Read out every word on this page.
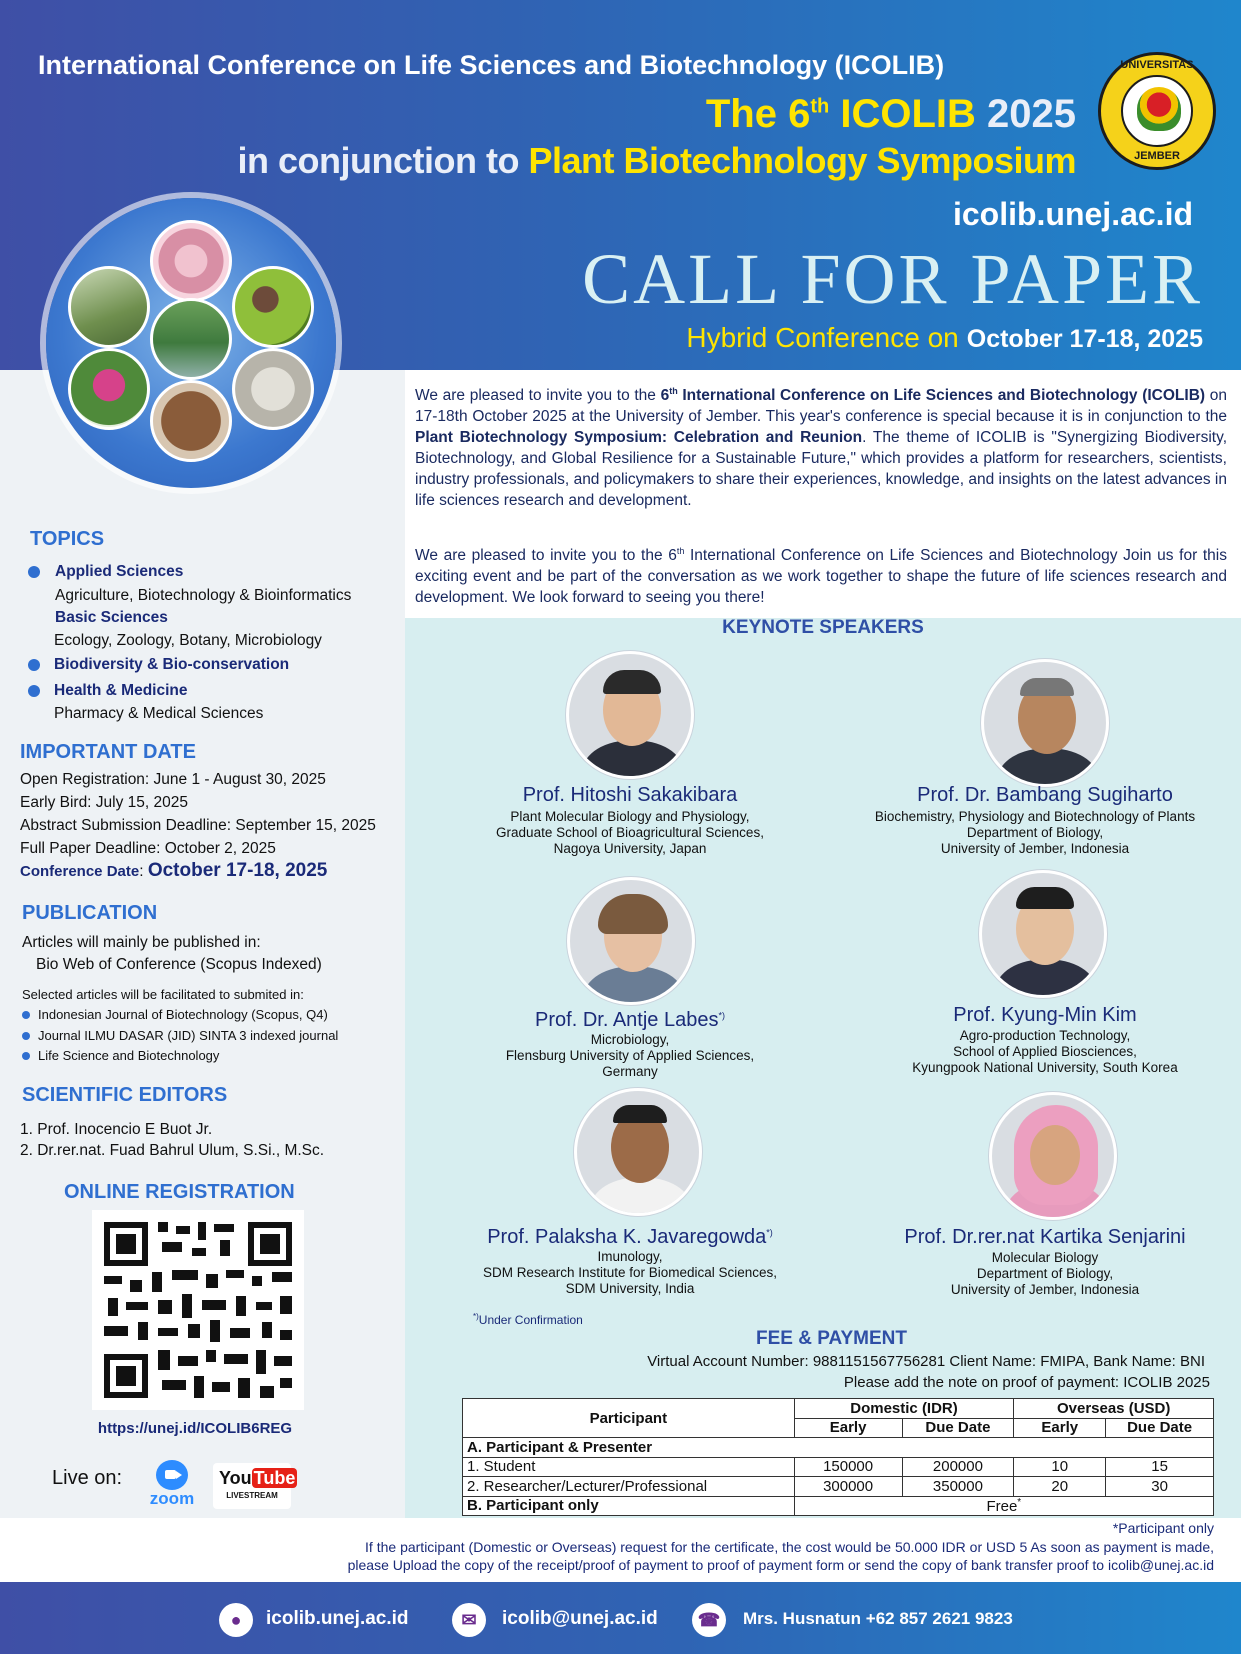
International Conference on Life Sciences and Biotechnology (ICOLIB)
The 6th ICOLIB 2025
in conjunction to Plant Biotechnology Symposium
icolib.unej.ac.id
CALL FOR PAPER
Hybrid Conference on October 17-18, 2025
UNIVERSITAS
JEMBER
TOPICS
Applied Sciences
Agriculture, Biotechnology & Bioinformatics
Basic Sciences
Ecology, Zoology, Botany, Microbiology
Biodiversity & Bio-conservation
Health & Medicine
Pharmacy & Medical Sciences
IMPORTANT DATE
Open Registration: June 1 - August 30, 2025
Early Bird: July 15, 2025
Abstract Submission Deadline: September 15, 2025
Full Paper Deadline: October 2, 2025
Conference Date: October 17-18, 2025
PUBLICATION
Articles will mainly be published in:
Bio Web of Conference (Scopus Indexed)
Selected articles will be facilitated to submited in:
Indonesian Journal of Biotechnology (Scopus, Q4)
Journal ILMU DASAR (JID) SINTA 3 indexed journal
Life Science and Biotechnology
SCIENTIFIC EDITORS
1. Prof. Inocencio E Buot Jr.
2. Dr.rer.nat. Fuad Bahrul Ulum, S.Si., M.Sc.
ONLINE REGISTRATION
https://unej.id/ICOLIB6REG
Live on:
zoom
You Tube
LIVESTREAM
We are pleased to invite you to the 6th International Conference on Life Sciences and Biotechnology (ICOLIB) on 17-18th October 2025 at the University of Jember. This year's conference is special because it is in conjunction to the Plant Biotechnology Symposium: Celebration and Reunion. The theme of ICOLIB is "Synergizing Biodiversity, Biotechnology, and Global Resilience for a Sustainable Future," which provides a platform for researchers, scientists, industry professionals, and policymakers to share their experiences, knowledge, and insights on the latest advances in life sciences research and development.
We are pleased to invite you to the 6th International Conference on Life Sciences and Biotechnology Join us for this exciting event and be part of the conversation as we work together to shape the future of life sciences research and development. We look forward to seeing you there!
KEYNOTE SPEAKERS
Prof. Hitoshi Sakakibara
Plant Molecular Biology and Physiology,
Graduate School of Bioagricultural Sciences,
Nagoya University, Japan
Prof. Dr. Bambang Sugiharto
Biochemistry, Physiology and Biotechnology of Plants
Department of Biology,
University of Jember, Indonesia
Prof. Dr. Antje Labes*)
Microbiology,
Flensburg University of Applied Sciences,
Germany
Prof. Kyung-Min Kim
Agro-production Technology,
School of Applied Biosciences,
Kyungpook National University, South Korea
Prof. Palaksha K. Javaregowda*)
Imunology,
SDM Research Institute for Biomedical Sciences,
SDM University, India
Prof. Dr.rer.nat Kartika Senjarini
Molecular Biology
Department of Biology,
University of Jember, Indonesia
*)Under Confirmation
FEE & PAYMENT
Virtual Account Number: 9881151567756281 Client Name: FMIPA, Bank Name: BNI
Please add the note on proof of payment: ICOLIB 2025
Participant	Domestic (IDR)		Overseas (USD)	
	Early	Due Date	Early	Due Date
A. Participant & Presenter				
1. Student	150000	200000	10	15
2. Researcher/Lecturer/Professional	300000	350000	20	30
B. Participant only	Free*
*Participant only
If the participant (Domestic or Overseas) request for the certificate, the cost would be 50.000 IDR or USD 5 As soon as payment is made,
please Upload the copy of the receipt/proof of payment to proof of payment form or send the copy of bank transfer proof to icolib@unej.ac.id
●	icolib.unej.ac.id	✉	icolib@unej.ac.id	☎	Mrs. Husnatun +62 857 2621 9823
